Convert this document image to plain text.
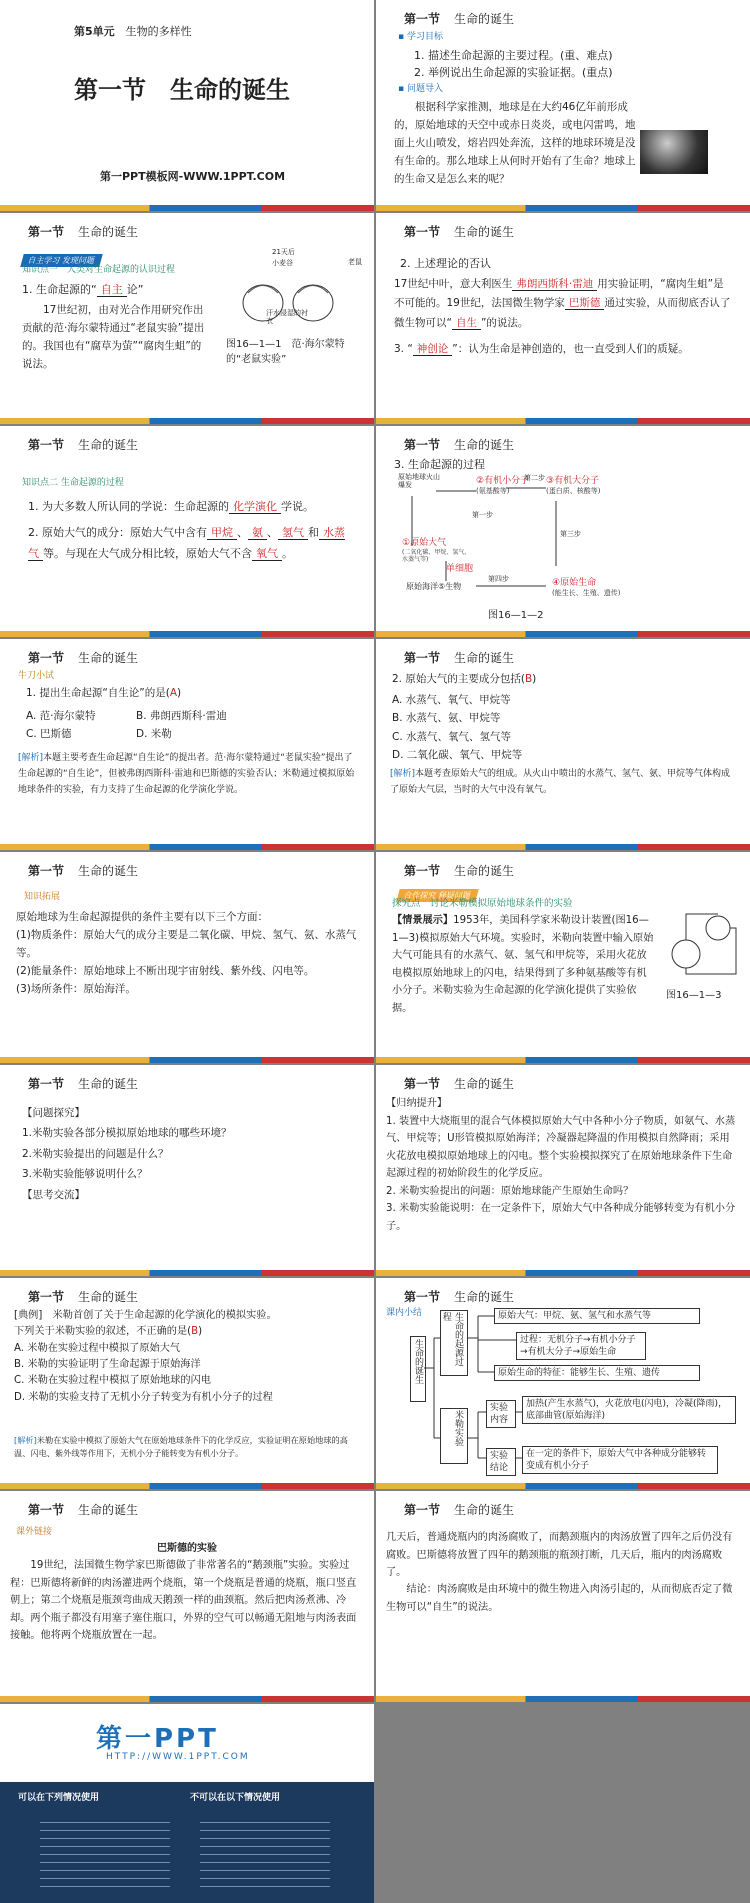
第5单元　 生物的多样性
第一节　生命的诞生
第一PPT模板网-WWW.1PPT.COM
第一节 生命的诞生
▪ 学习目标
1. 描述生命起源的主要过程。(重、难点)
2. 举例说出生命起源的实验证据。(重点)
▪ 问题导入
根据科学家推测，地球是在大约46亿年前形成的，原始地球的天空中或赤日炎炎，或电闪雷鸣，地面上火山喷发，熔岩四处奔流，这样的地球环境是没有生命的。那么地球上从何时开始有了生命？地球上的生命又是怎么来的呢？
第一节 生命的诞生
自主学习 发现问题
知识点一　人类对生命起源的认识过程
1. 生命起源的“ 自主 论”
17世纪初，由对光合作用研究作出贡献的范·海尔蒙特通过“老鼠实验”提出的。我国也有“腐草为萤”“腐肉生蛆”的说法。
21天后
小麦谷	老鼠
汗水浸湿的衬衣
图16—1—1　范·海尔蒙特的“老鼠实验”
第一节 生命的诞生
2. 上述理论的否认
17世纪中叶，意大利医生 弗朗西斯科·雷迪 用实验证明，“腐肉生蛆”是不可能的。19世纪，法国微生物学家 巴斯德 通过实验，从而彻底否认了微生物可以“ 自生 ”的说法。
3. “ 神创论 ”：认为生命是神创造的，也一直受到人们的质疑。
第一节 生命的诞生
知识点二 生命起源的过程
1. 为大多数人所认同的学说：生命起源的 化学演化 学说。
2. 原始大气的成分：原始大气中含有 甲烷 、 氨 、 氢气 和 水蒸气 等。与现在大气成分相比较，原始大气不含 氧气 。
第一节 生命的诞生
3. 生命起源的过程
原始地球火山爆发	②有机小分子
(氨基酸等)
第二步 ③有机大分子
(蛋白质、核酸等)
第一步
①原始大气
(二氧化碳、甲烷、氢气、水蒸气等)
第三步
单细胞
原始海洋⑤生物
第四步	④原始生命
(能生长、生殖、遗传)
图16—1—2
第一节 生命的诞生
牛刀小试
1. 提出生命起源“自生论”的是(A)
A. 范·海尔蒙特	B. 弗朗西斯科·雷迪
C. 巴斯德	D. 米勒
[解析]本题主要考查生命起源“自生论”的提出者。范·海尔蒙特通过“老鼠实验”提出了生命起源的“自生论”，但被弗朗西斯科·雷迪和巴斯德的实验否认；米勒通过模拟原始地球条件的实验，有力支持了生命起源的化学演化学说。
第一节 生命的诞生
2. 原始大气的主要成分包括(B)
A. 水蒸气、氧气、甲烷等
B. 水蒸气、氨、甲烷等
C. 水蒸气、氧气、氢气等
D. 二氧化碳、氧气、甲烷等
[解析]本题考查原始大气的组成。从火山中喷出的水蒸气、氢气、氨、甲烷等气体构成了原始大气层，当时的大气中没有氧气。
第一节 生命的诞生
知识拓展
原始地球为生命起源提供的条件主要有以下三个方面：
(1)物质条件：原始大气的成分主要是二氧化碳、甲烷、氢气、氨、水蒸气等。
(2)能量条件：原始地球上不断出现宇宙射线、紫外线、闪电等。
(3)场所条件：原始海洋。
第一节 生命的诞生
合作探究 释疑问题
探究点　讨论米勒模拟原始地球条件的实验
【情景展示】1953年，美国科学家米勒设计装置(图16—1—3)模拟原始大气环境。实验时，米勒向装置中输入原始大气可能具有的水蒸气、氨、氢气和甲烷等，采用火花放电模拟原始地球上的闪电，结果得到了多种氨基酸等有机小分子。米勒实验为生命起源的化学演化提供了实验依据。
图16—1—3
第一节 生命的诞生
【问题探究】
1.米勒实验各部分模拟原始地球的哪些环境？
2.米勒实验提出的问题是什么？
3.米勒实验能够说明什么？
【思考交流】
第一节 生命的诞生
【归纳提升】
1. 装置中大烧瓶里的混合气体模拟原始大气中各种小分子物质，如氨气、水蒸气、甲烷等；U形管模拟原始海洋；冷凝器起降温的作用模拟自然降雨；采用火花放电模拟原始地球上的闪电。整个实验模拟探究了在原始地球条件下生命起源过程的初始阶段生的化学反应。
2. 米勒实验提出的问题：原始地球能产生原始生命吗？
3. 米勒实验能说明：在一定条件下，原始大气中各种成分能够转变为有机小分子。
第一节 生命的诞生
[典例]　 米勒首创了关于生命起源的化学演化的模拟实验。
下列关于米勒实验的叙述，不正确的是(B)
A. 米勒在实验过程中模拟了原始大气
B. 米勒的实验证明了生命起源于原始海洋
C. 米勒在实验过程中模拟了原始地球的闪电
D. 米勒的实验支持了无机小分子转变为有机小分子的过程
[解析]米勒在实验中模拟了原始大气在原始地球条件下的化学反应，实验证明在原始地球的高温、闪电、紫外线等作用下，无机小分子能转变为有机小分子。
第一节 生命的诞生
课内小结
生命的诞生	生命的起源过程
米勒实验
原始大气：甲烷、氨、氢气和水蒸气等
过程：无机分子→有机小分子→有机大分子→原始生命
原始生命的特征：能够生长、生殖、遗传
实验内容
实验结论
加热(产生水蒸气)，火花放电(闪电)，冷凝(降雨)，底部曲管(原始海洋)
在一定的条件下，原始大气中各种成分能够转变成有机小分子
第一节 生命的诞生
课外链接
巴斯德的实验
19世纪，法国微生物学家巴斯德做了非常著名的“鹅颈瓶”实验。实验过程：巴斯德将新鲜的肉汤灌进两个烧瓶，第一个烧瓶是普通的烧瓶，瓶口竖直朝上；第二个烧瓶是瓶颈弯曲成天鹅颈一样的曲颈瓶。然后把肉汤煮沸、冷却。两个瓶子都没有用塞子塞住瓶口，外界的空气可以畅通无阻地与肉汤表面接触。他将两个烧瓶放置在一起。
第一节 生命的诞生
几天后，普通烧瓶内的肉汤腐败了，而鹅颈瓶内的肉汤放置了四年之后仍没有腐败。巴斯德将放置了四年的鹅颈瓶的瓶颈打断，几天后，瓶内的肉汤腐败了。
结论：肉汤腐败是由环境中的微生物进入肉汤引起的，从而彻底否定了微生物可以“自生”的说法。
第一PPT
HTTP://WWW.1PPT.COM
可以在下列情况使用	不可以在以下情况使用
